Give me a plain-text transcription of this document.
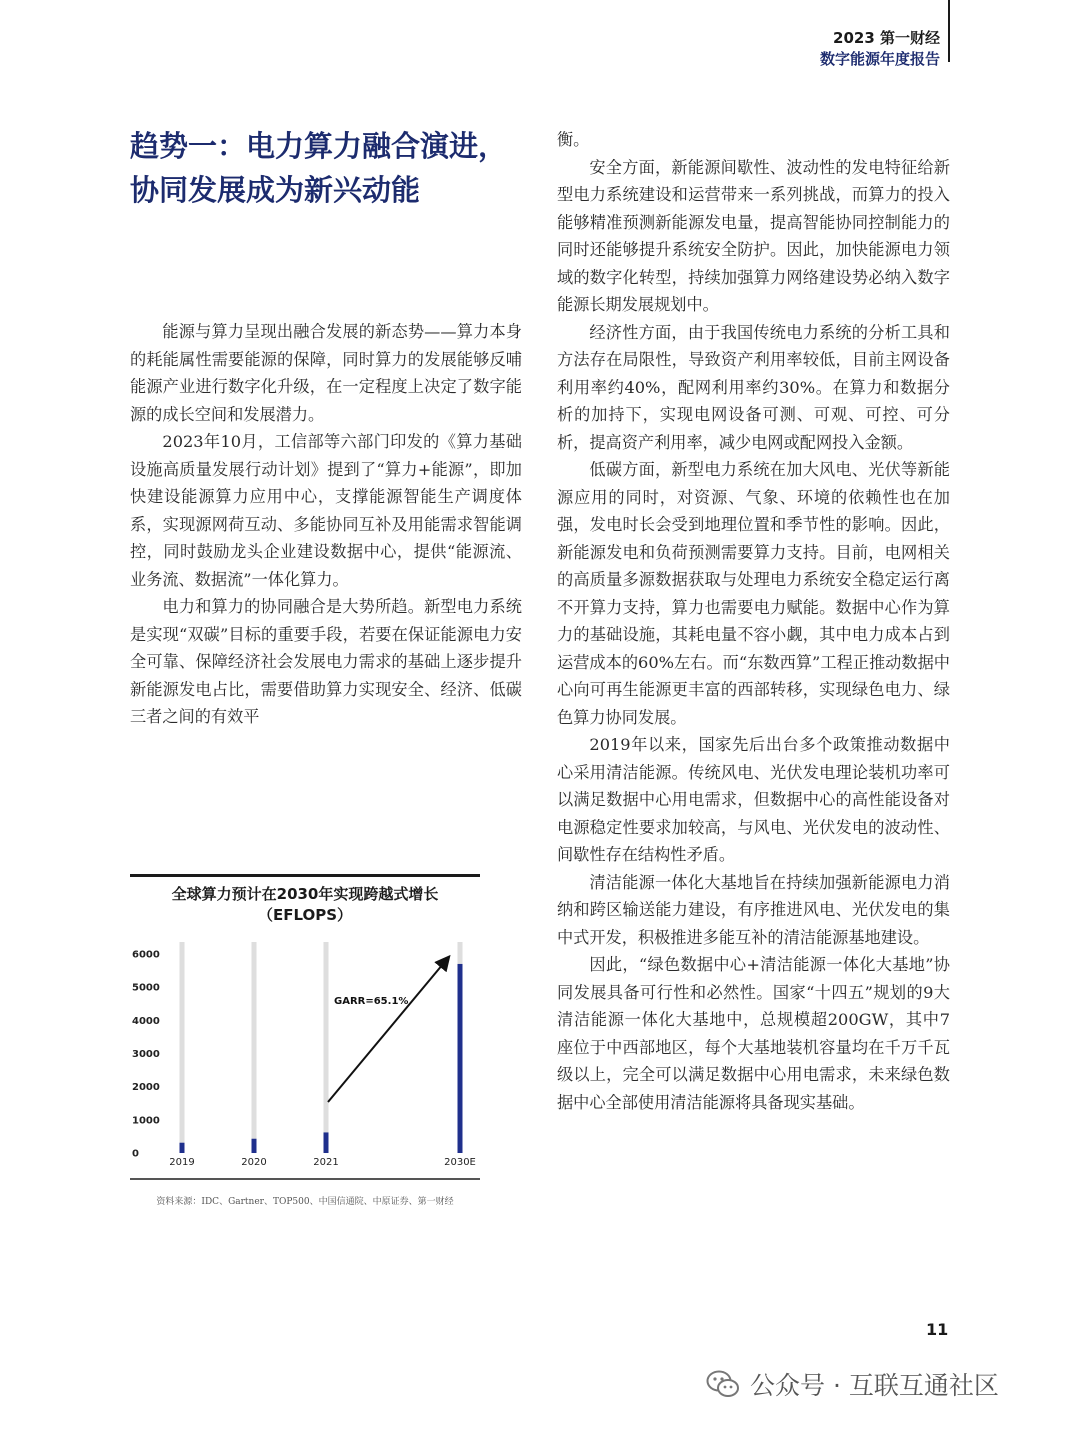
2023 第一财经
数字能源年度报告
趋势一：电力算力融合演进，
协同发展成为新兴动能

能源与算力呈现出融合发展的新态势——算力本身的耗能属性需要能源的保障，同时算力的发展能够反哺能源产业进行数字化升级，在一定程度上决定了数字能源的成长空间和发展潜力。

2023年10月，工信部等六部门印发的《算力基础设施高质量发展行动计划》提到了“算力+能源”，即加快建设能源算力应用中心，支撑能源智能生产调度体系，实现源网荷互动、多能协同互补及用能需求智能调控，同时鼓励龙头企业建设数据中心，提供“能源流、业务流、数据流”一体化算力。

电力和算力的协同融合是大势所趋。新型电力系统是实现“双碳”目标的重要手段，若要在保证能源电力安全可靠、保障经济社会发展电力需求的基础上逐步提升新能源发电占比，需要借助算力实现安全、经济、低碳三者之间的有效平

衡。

安全方面，新能源间歇性、波动性的发电特征给新型电力系统建设和运营带来一系列挑战，而算力的投入能够精准预测新能源发电量，提高智能协同控制能力的同时还能够提升系统安全防护。因此，加快能源电力领域的数字化转型，持续加强算力网络建设势必纳入数字能源长期发展规划中。

经济性方面，由于我国传统电力系统的分析工具和方法存在局限性，导致资产利用率较低，目前主网设备利用率约40%，配网利用率约30%。在算力和数据分析的加持下，实现电网设备可测、可观、可控、可分析，提高资产利用率，减少电网或配网投入金额。

低碳方面，新型电力系统在加大风电、光伏等新能源应用的同时，对资源、气象、环境的依赖性也在加强，发电时长会受到地理位置和季节性的影响。因此，新能源发电和负荷预测需要算力支持。目前，电网相关的高质量多源数据获取与处理电力系统安全稳定运行离不开算力支持，算力也需要电力赋能。数据中心作为算力的基础设施，其耗电量不容小觑，其中电力成本占到运营成本的60%左右。而“东数西算”工程正推动数据中心向可再生能源更丰富的西部转移，实现绿色电力、绿色算力协同发展。

2019年以来，国家先后出台多个政策推动数据中心采用清洁能源。传统风电、光伏发电理论装机功率可以满足数据中心用电需求，但数据中心的高性能设备对电源稳定性要求加较高，与风电、光伏发电的波动性、间歇性存在结构性矛盾。

清洁能源一体化大基地旨在持续加强新能源电力消纳和跨区输送能力建设，有序推进风电、光伏发电的集中式开发，积极推进多能互补的清洁能源基地建设。

因此，“绿色数据中心+清洁能源一体化大基地”协同发展具备可行性和必然性。国家“十四五”规划的9大清洁能源一体化大基地中，总规模超200GW，其中7座位于中西部地区，每个大基地装机容量均在千万千瓦级以上，完全可以满足数据中心用电需求，未来绿色数据中心全部使用清洁能源将具备现实基础。

全球算力预计在2030年实现跨越式增长
（EFLOPS）
0
1000
2000
3000
4000
5000
6000
2019	2020	2021	2030E
GARR=65.1%
资料来源：IDC、Gartner、TOP500、中国信通院、中原证券、第一财经
11
公众号 · 互联互通社区
